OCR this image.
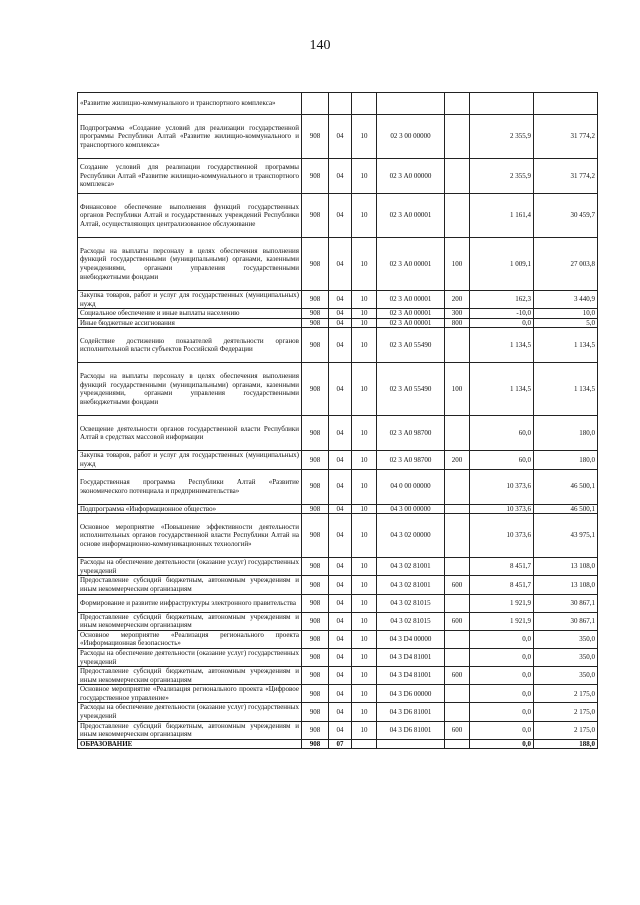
140
«Развитие жилищно-коммунального и транспортного комплекса»							
Подпрограмма «Создание условий для реализации государственной программы Республики Алтай «Развитие жилищно-коммунального и транспортного комплекса»	908	04	10	02 3 00 00000		2 355,9	31 774,2
Создание условий для реализации государственной программы Республики Алтай «Развитие жилищно-коммунального и транспортного комплекса»	908	04	10	02 3 А0 00000		2 355,9	31 774,2
Финансовое обеспечение выполнения функций государственных органов Республики Алтай и государственных учреждений Республики Алтай, осуществляющих централизованное обслуживание	908	04	10	02 3 А0 00001		1 161,4	30 459,7
Расходы на выплаты персоналу в целях обеспечения выполнения функций государственными (муниципальными) органами, казенными учреждениями, органами управления государственными внебюджетными фондами	908	04	10	02 3 А0 00001	100	1 009,1	27 003,8
Закупка товаров, работ и услуг для государственных (муниципальных) нужд	908	04	10	02 3 А0 00001	200	162,3	3 440,9
Социальное обеспечение и иные выплаты населению	908	04	10	02 3 А0 00001	300	-10,0	10,0
Иные бюджетные ассигнования	908	04	10	02 3 А0 00001	800	0,0	5,0
Содействие достижению показателей деятельности органов исполнительной власти субъектов Российской Федерации	908	04	10	02 3 А0 55490		1 134,5	1 134,5
Расходы на выплаты персоналу в целях обеспечения выполнения функций государственными (муниципальными) органами, казенными учреждениями, органами управления государственными внебюджетными фондами	908	04	10	02 3 А0 55490	100	1 134,5	1 134,5
Освещение деятельности органов государственной власти Республики Алтай в средствах массовой информации	908	04	10	02 3 А0 98700		60,0	180,0
Закупка товаров, работ и услуг для государственных (муниципальных) нужд	908	04	10	02 3 А0 98700	200	60,0	180,0
Государственная программа Республики Алтай «Развитие экономического потенциала и предпринимательства»	908	04	10	04 0 00 00000		10 373,6	46 500,1
Подпрограмма «Информационное общество»	908	04	10	04 3 00 00000		10 373,6	46 500,1
Основное мероприятие «Повышение эффективности деятельности исполнительных органов государственной власти Республики Алтай на основе информационно-коммуникационных технологий»	908	04	10	04 3 02 00000		10 373,6	43 975,1
Расходы на обеспечение деятельности (оказание услуг) государственных учреждений	908	04	10	04 3 02 81001		8 451,7	13 108,0
Предоставление субсидий бюджетным, автономным учреждениям и иным некоммерческим организациям	908	04	10	04 3 02 81001	600	8 451,7	13 108,0
Формирование и развитие инфраструктуры электронного правительства	908	04	10	04 3 02 81015		1 921,9	30 867,1
Предоставление субсидий бюджетным, автономным учреждениям и иным некоммерческим организациям	908	04	10	04 3 02 81015	600	1 921,9	30 867,1
Основное мероприятие «Реализация регионального проекта «Информационная безопасность»	908	04	10	04 3 D4 00000		0,0	350,0
Расходы на обеспечение деятельности (оказание услуг) государственных учреждений	908	04	10	04 3 D4 81001		0,0	350,0
Предоставление субсидий бюджетным, автономным учреждениям и иным некоммерческим организациям	908	04	10	04 3 D4 81001	600	0,0	350,0
Основное мероприятие «Реализация регионального проекта «Цифровое государственное управление»	908	04	10	04 3 D6 00000		0,0	2 175,0
Расходы на обеспечение деятельности (оказание услуг) государственных учреждений	908	04	10	04 3 D6 81001		0,0	2 175,0
Предоставление субсидий бюджетным, автономным учреждениям и иным некоммерческим организациям	908	04	10	04 3 D6 81001	600	0,0	2 175,0
ОБРАЗОВАНИЕ	908	07				0,0	188,0
